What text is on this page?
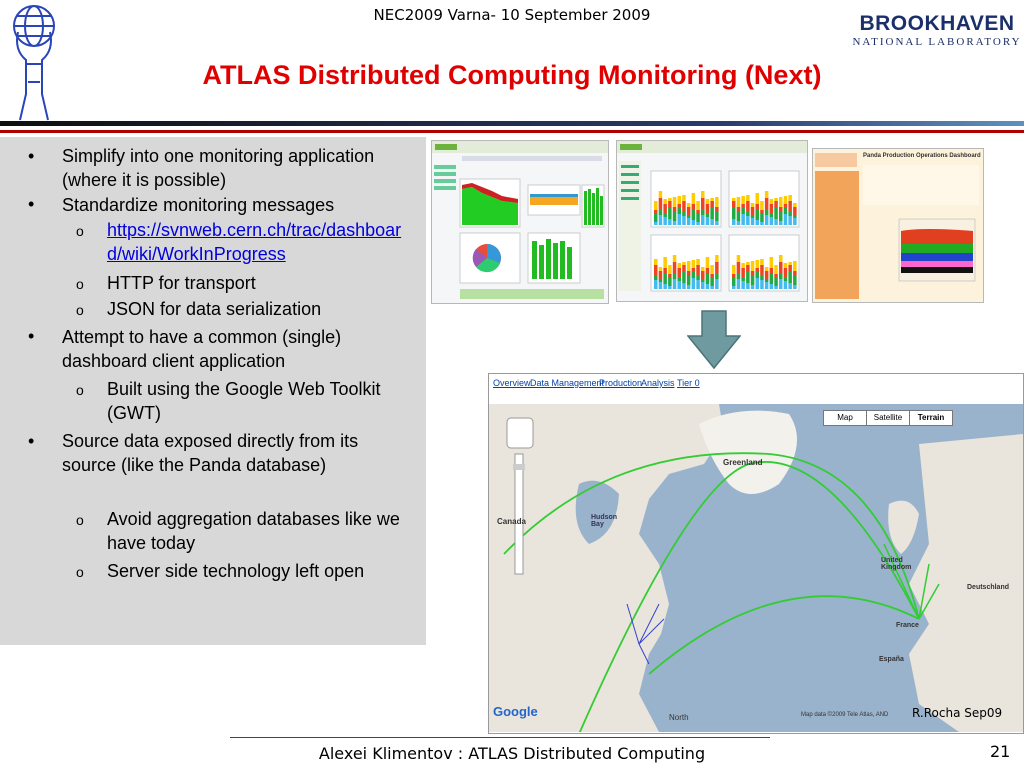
NEC2009 Varna- 10 September 2009	BROOKHAVEN
NATIONAL LABORATORY
ATLAS Distributed Computing Monitoring (Next)
• Simplify into one monitoring application (where it is possible)
• Standardize monitoring messages
o https://svnweb.cern.ch/trac/dashboard/wiki/WorkInProgress
o HTTP for transport
o JSON for data serialization
• Attempt to have a common (single) dashboard client application
o Built using the Google Web Toolkit (GWT)
• Source data exposed directly from its source (like the Panda database)
o Avoid aggregation databases like we have today
o Server side technology left open
Panda Production Operations Dashboard
Overview Data Management
Production
Analysis Tier 0
Map	Satellite	Terrain
Greenland
Hudson Bay
Canada
United Kingdom
Deutschland
France
España
North
Google	Map data ©2009 Tele Atlas, AND R.Rocha Sep09
Alexei Klimentov : ATLAS Distributed Computing	21
